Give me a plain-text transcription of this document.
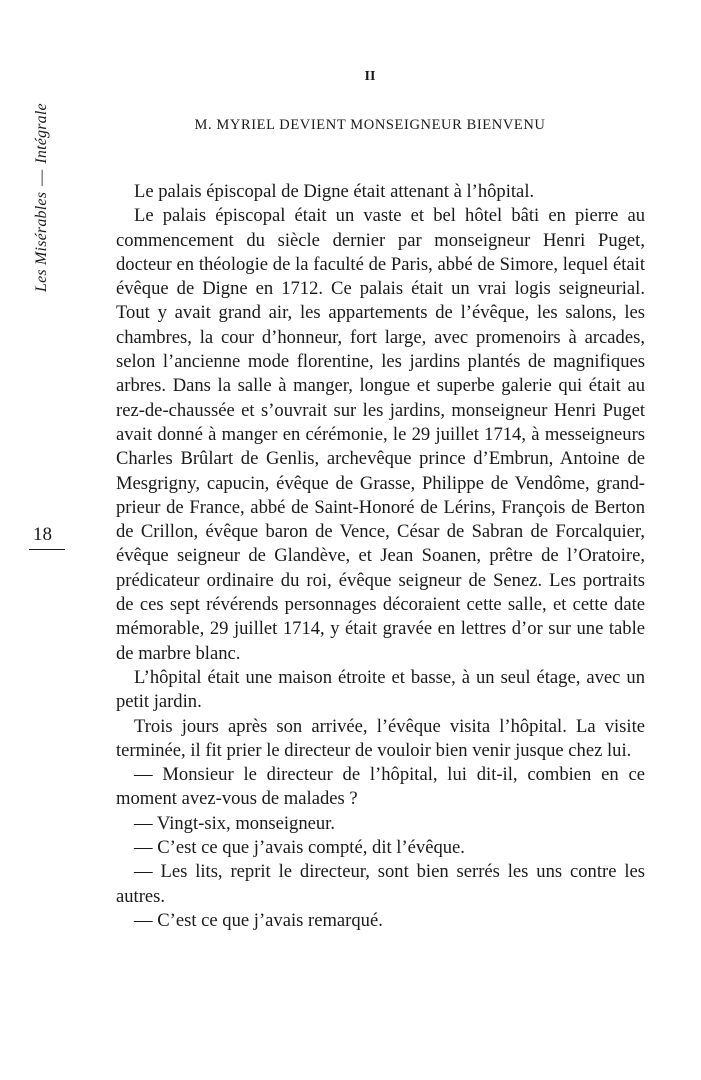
Les Misérables—Intégrale
18
II
M. MYRIEL DEVIENT MONSEIGNEUR BIENVENU

Le palais épiscopal de Digne était attenant à l’hôpital.

Le palais épiscopal était un vaste et bel hôtel bâti en pierre au commencement du siècle dernier par monseigneur Henri Puget, docteur en théologie de la faculté de Paris, abbé de Simore, lequel était évêque de Digne en 1712. Ce palais était un vrai logis seigneurial. Tout y avait grand air, les appartements de l’évêque, les salons, les chambres, la cour d’honneur, fort large, avec promenoirs à arcades, selon l’ancienne mode florentine, les jardins plantés de magnifiques arbres. Dans la salle à manger, longue et superbe galerie qui était au rez-de-chaussée et s’ouvrait sur les jardins, monseigneur Henri Puget avait donné à manger en cérémonie, le 29 juillet 1714, à messeigneurs Charles Brûlart de Genlis, archevêque prince d’Embrun, Antoine de Mesgrigny, capucin, évêque de Grasse, Philippe de Vendôme, grand-prieur de France, abbé de Saint-Honoré de Lérins, François de Berton de Crillon, évêque baron de Vence, César de Sabran de Forcalquier, évêque seigneur de Glandève, et Jean Soanen, prêtre de l’Oratoire, prédicateur ordinaire du roi, évêque seigneur de Senez. Les portraits de ces sept révérends personnages décoraient cette salle, et cette date mémorable, 29 juillet 1714, y était gravée en lettres d’or sur une table de marbre blanc.

L’hôpital était une maison étroite et basse, à un seul étage, avec un petit jardin.

Trois jours après son arrivée, l’évêque visita l’hôpital. La visite terminée, il fit prier le directeur de vouloir bien venir jusque chez lui.

— Monsieur le directeur de l’hôpital, lui dit-il, combien en ce moment avez-vous de malades ?

— Vingt-six, monseigneur.

— C’est ce que j’avais compté, dit l’évêque.

— Les lits, reprit le directeur, sont bien serrés les uns contre les autres.

— C’est ce que j’avais remarqué.
